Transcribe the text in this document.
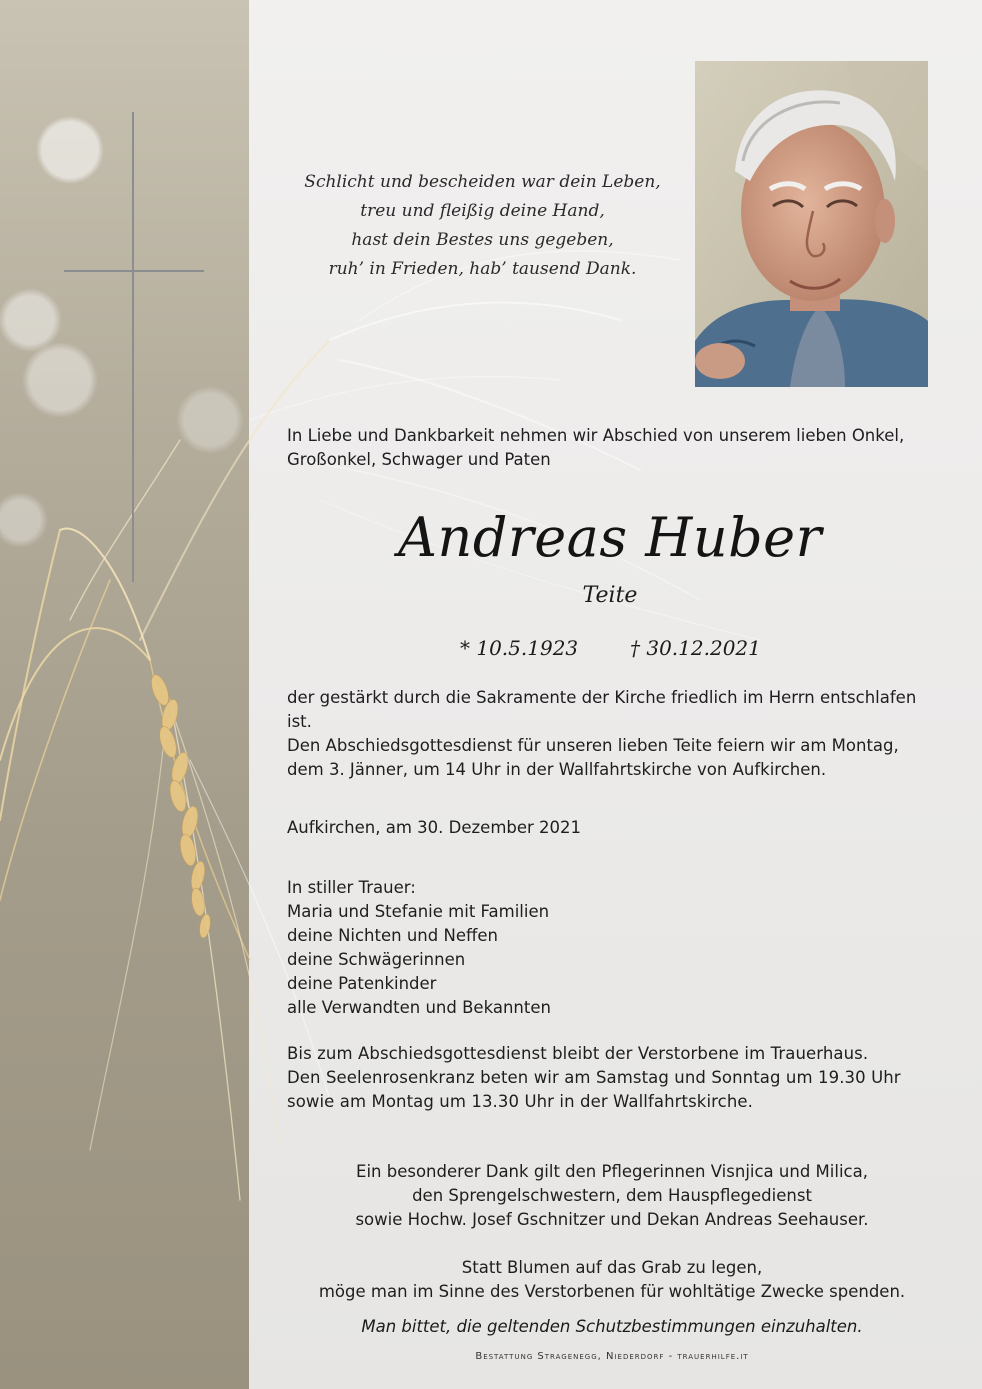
Schlicht und bescheiden war dein Leben,
treu und fleißig deine Hand,
hast dein Bestes uns gegeben,
ruh’ in Frieden, hab’ tausend Dank.
In Liebe und Dankbarkeit nehmen wir Abschied von unserem lieben Onkel,
Großonkel, Schwager und Paten
Andreas Huber
Teite
* 10.5.1923	† 30.12.2021
der gestärkt durch die Sakramente der Kirche friedlich im Herrn entschlafen
ist.
Den Abschiedsgottesdienst für unseren lieben Teite feiern wir am Montag,
dem 3. Jänner, um 14 Uhr in der Wallfahrtskirche von Aufkirchen.
Aufkirchen, am 30. Dezember 2021
In stiller Trauer:
Maria und Stefanie mit Familien
deine Nichten und Neffen
deine Schwägerinnen
deine Patenkinder
alle Verwandten und Bekannten
Bis zum Abschiedsgottesdienst bleibt der Verstorbene im Trauerhaus.
Den Seelenrosenkranz beten wir am Samstag und Sonntag um 19.30 Uhr
sowie am Montag um 13.30 Uhr in der Wallfahrtskirche.
Ein besonderer Dank gilt den Pflegerinnen Visnjica und Milica,
den Sprengelschwestern, dem Hauspflegedienst
sowie Hochw. Josef Gschnitzer und Dekan Andreas Seehauser.
Statt Blumen auf das Grab zu legen,
möge man im Sinne des Verstorbenen für wohltätige Zwecke spenden.
Man bittet, die geltenden Schutzbestimmungen einzuhalten.
Bestattung Stragenegg, Niederdorf - trauerhilfe.it
